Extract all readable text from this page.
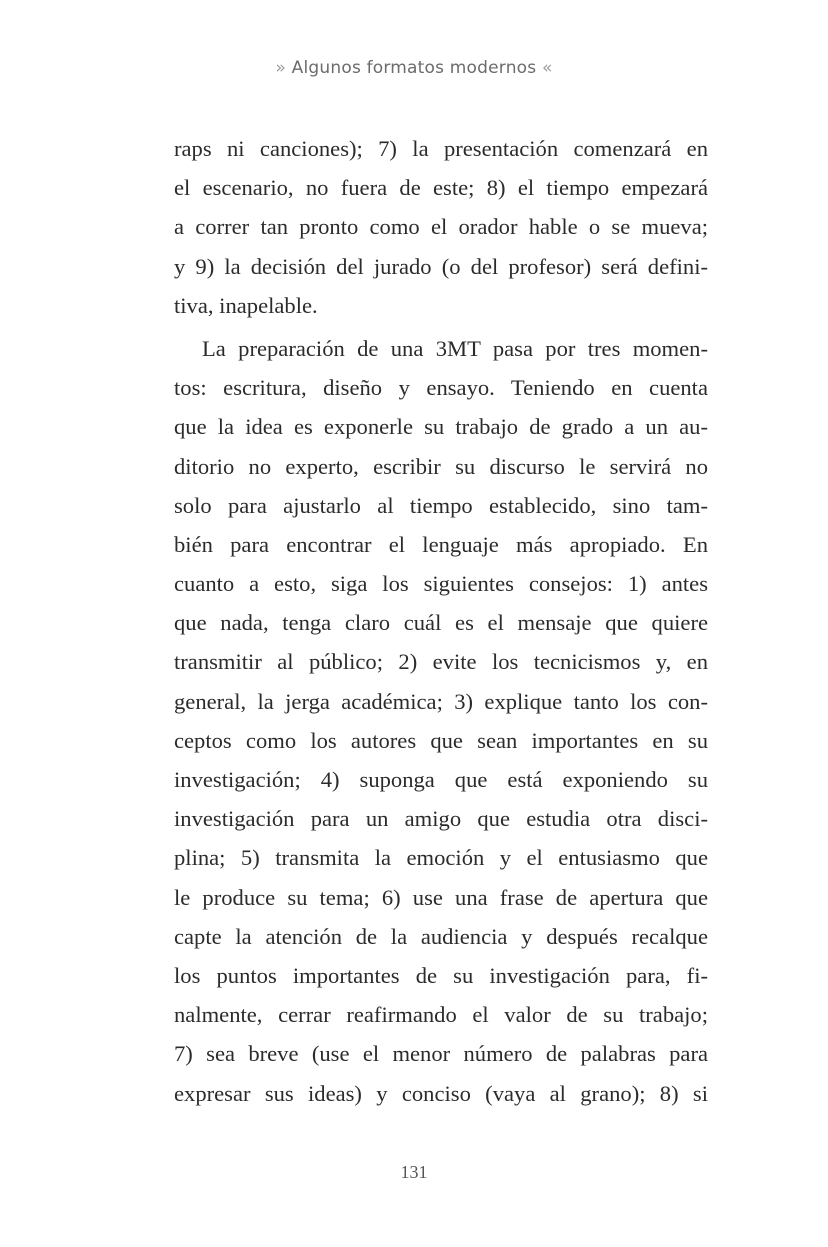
» Algunos formatos modernos «
raps ni canciones); 7) la presentación comenzará en
el escenario, no fuera de este; 8) el tiempo empezará
a correr tan pronto como el orador hable o se mueva;
y 9) la decisión del jurado (o del profesor) será defini-
tiva, inapelable.
La preparación de una 3MT pasa por tres momen-
tos: escritura, diseño y ensayo. Teniendo en cuenta
que la idea es exponerle su trabajo de grado a un au-
ditorio no experto, escribir su discurso le servirá no
solo para ajustarlo al tiempo establecido, sino tam-
bién para encontrar el lenguaje más apropiado. En
cuanto a esto, siga los siguientes consejos: 1) antes
que nada, tenga claro cuál es el mensaje que quiere
transmitir al público; 2) evite los tecnicismos y, en
general, la jerga académica; 3) explique tanto los con-
ceptos como los autores que sean importantes en su
investigación; 4) suponga que está exponiendo su
investigación para un amigo que estudia otra disci-
plina; 5) transmita la emoción y el entusiasmo que
le produce su tema; 6) use una frase de apertura que
capte la atención de la audiencia y después recalque
los puntos importantes de su investigación para, fi-
nalmente, cerrar reafirmando el valor de su trabajo;
7) sea breve (use el menor número de palabras para
expresar sus ideas) y conciso (vaya al grano); 8) si
131
